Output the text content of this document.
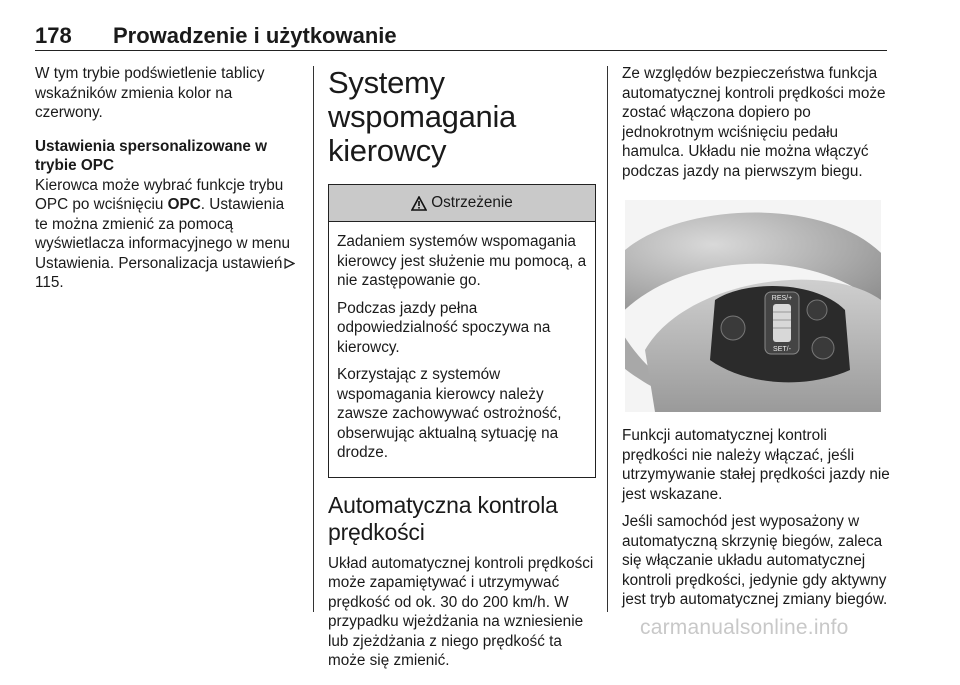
178 Prowadzenie i użytkowanie

W tym trybie podświetlenie tablicy wskaźników zmienia kolor na czerwony.

Ustawienia spersonalizowane w trybie OPC

Kierowca może wybrać funkcje trybu OPC po wciśnięciu OPC. Ustawienia te można zmienić za pomocą wyświetlacza informacyjnego w menu Ustawienia. Personalizacja ustawień115.

Systemy wspomagania kierowcy
Ostrzeżenie

Zadaniem systemów wspomagania kierowcy jest służenie mu pomocą, a nie zastępowanie go.

Podczas jazdy pełna odpowiedzialność spoczywa na kierowcy.

Korzystając z systemów wspomagania kierowcy należy zawsze zachowywać ostrożność, obserwując aktualną sytuację na drodze.

Automatyczna kontrola prędkości

Układ automatycznej kontroli prędkości może zapamiętywać i utrzymywać prędkość od ok. 30 do 200 km/h. W przypadku wjeżdżania na wzniesienie lub zjeżdżania z niego prędkość ta może się zmienić.

Ze względów bezpieczeństwa funkcja automatycznej kontroli prędkości może zostać włączona dopiero po jednokrotnym wciśnięciu pedału hamulca. Układu nie można włączyć podczas jazdy na pierwszym biegu.

RES/+
SET/-

Funkcji automatycznej kontroli prędkości nie należy włączać, jeśli utrzymywanie stałej prędkości jazdy nie jest wskazane.

Jeśli samochód jest wyposażony w automatyczną skrzynię biegów, zaleca się włączanie układu automatycznej kontroli prędkości, jedynie gdy aktywny jest tryb automatycznej zmiany biegów.

carmanualsonline.info
